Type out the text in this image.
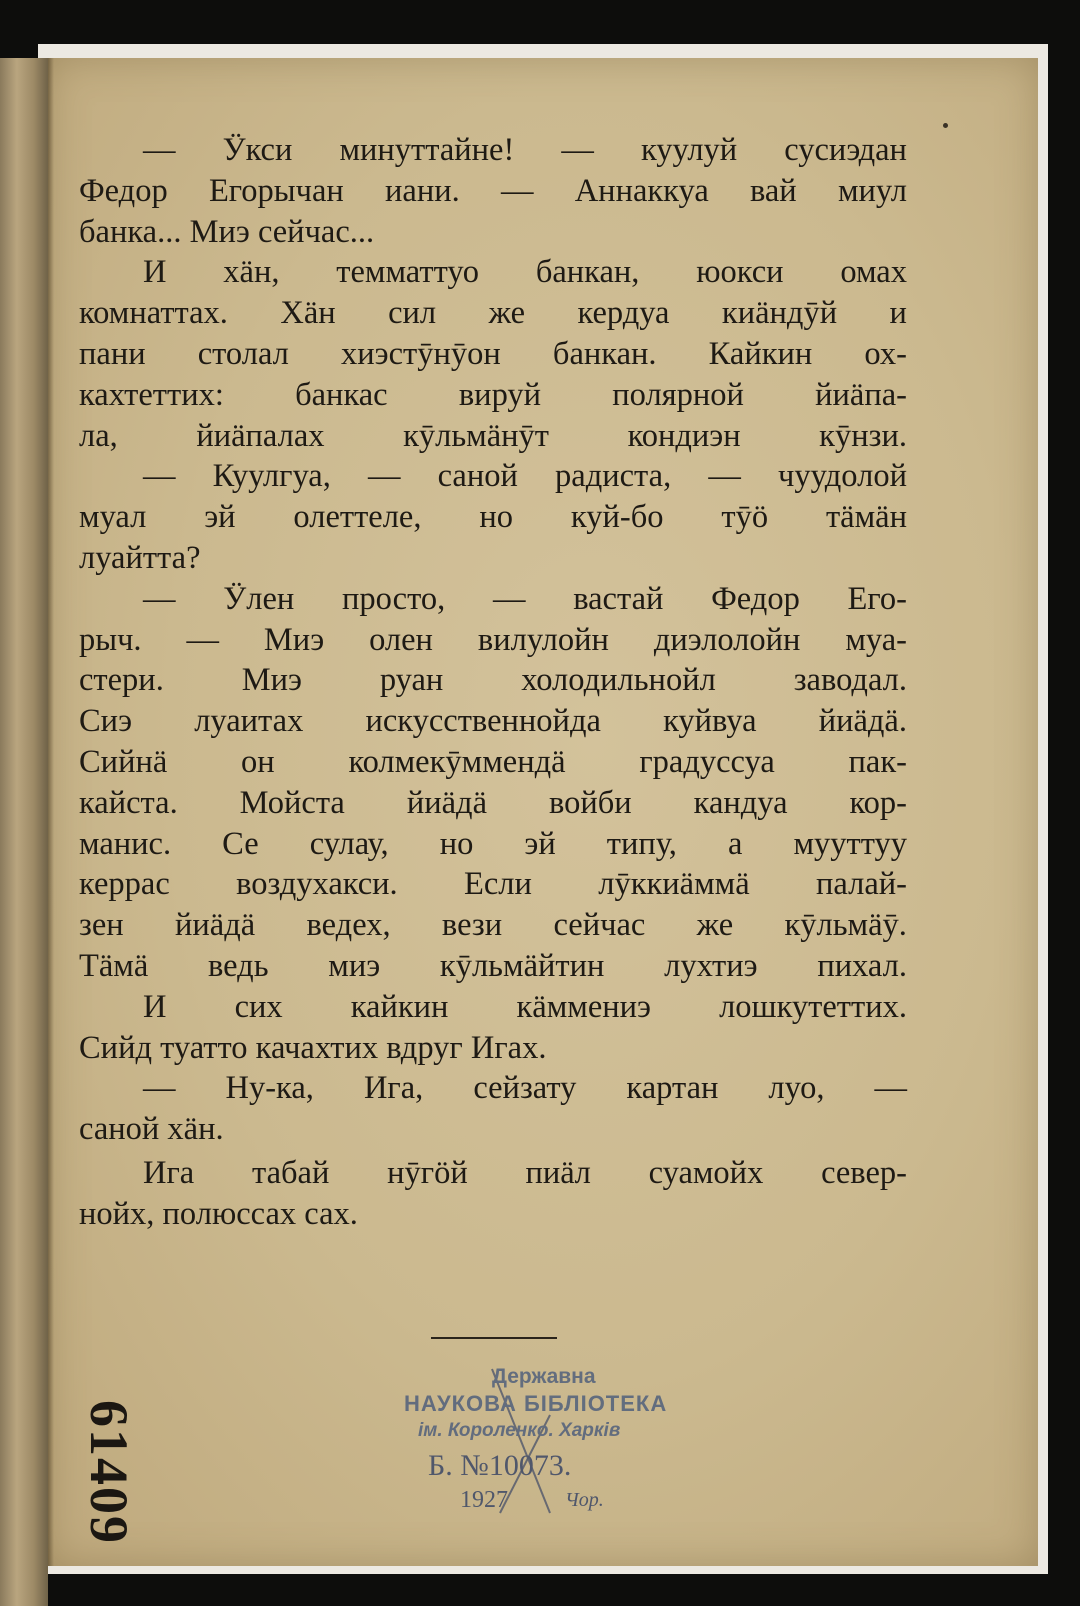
— Ӱкси минуттайне! — куулуй сусиэдан
Федор Егорычан иани. — Аннаккуа вай миул
банка... Миэ сейчас...
И хӓн, темматтуо банкан, юокси омах
комнаттах. Хӓн сил же кердуа киӓндӯй и
пани столал хиэстӯнӯон банкан. Кайкин ох-
кахтеттих: банкас вируй полярной йиӓпа-
ла, йиӓпалах кӯльмӓнӯт кондиэн кӯнзи.
— Куулгуа, — саной радиста, — чуудолой
муал эй олеттеле, но куй-бо тӯӧ тӓмӓн
луайтта?
— Ӱлен просто, — вастай Федор Его-
рыч. — Миэ олен вилулойн диэлолойн муа-
стери. Миэ руан холодильнойл заводал.
Сиэ луаитах искусственнойда куйвуа йиӓдӓ.
Сийнӓ он колмекӯммендӓ градуссуа пак-
кайста. Мойста йиӓдӓ войби кандуа кор-
манис. Се сулау, но эй типу, а мууттуу
керрас воздухакси. Если лӯккиӓммӓ палай-
зен йиӓдӓ ведех, вези сейчас же кӯльмӓӯ.
Тӓмӓ ведь миэ кӯльмӓйтин лухтиэ пихал.
И сих кайкин кӓммениэ лошкутеттих.
Сийд туатто качахтих вдруг Игах.
— Ну-ка, Ига, сейзату картан луо, —
саной хӓн.
Ига табай нӯгӧй пиӓл суамойх север-
нойх, полюссах сах.
61409
Державна
НАУКОВА БІБЛІОТЕКА
ім. Короленко. Харків
Б. №10073.
1927	Чор.
